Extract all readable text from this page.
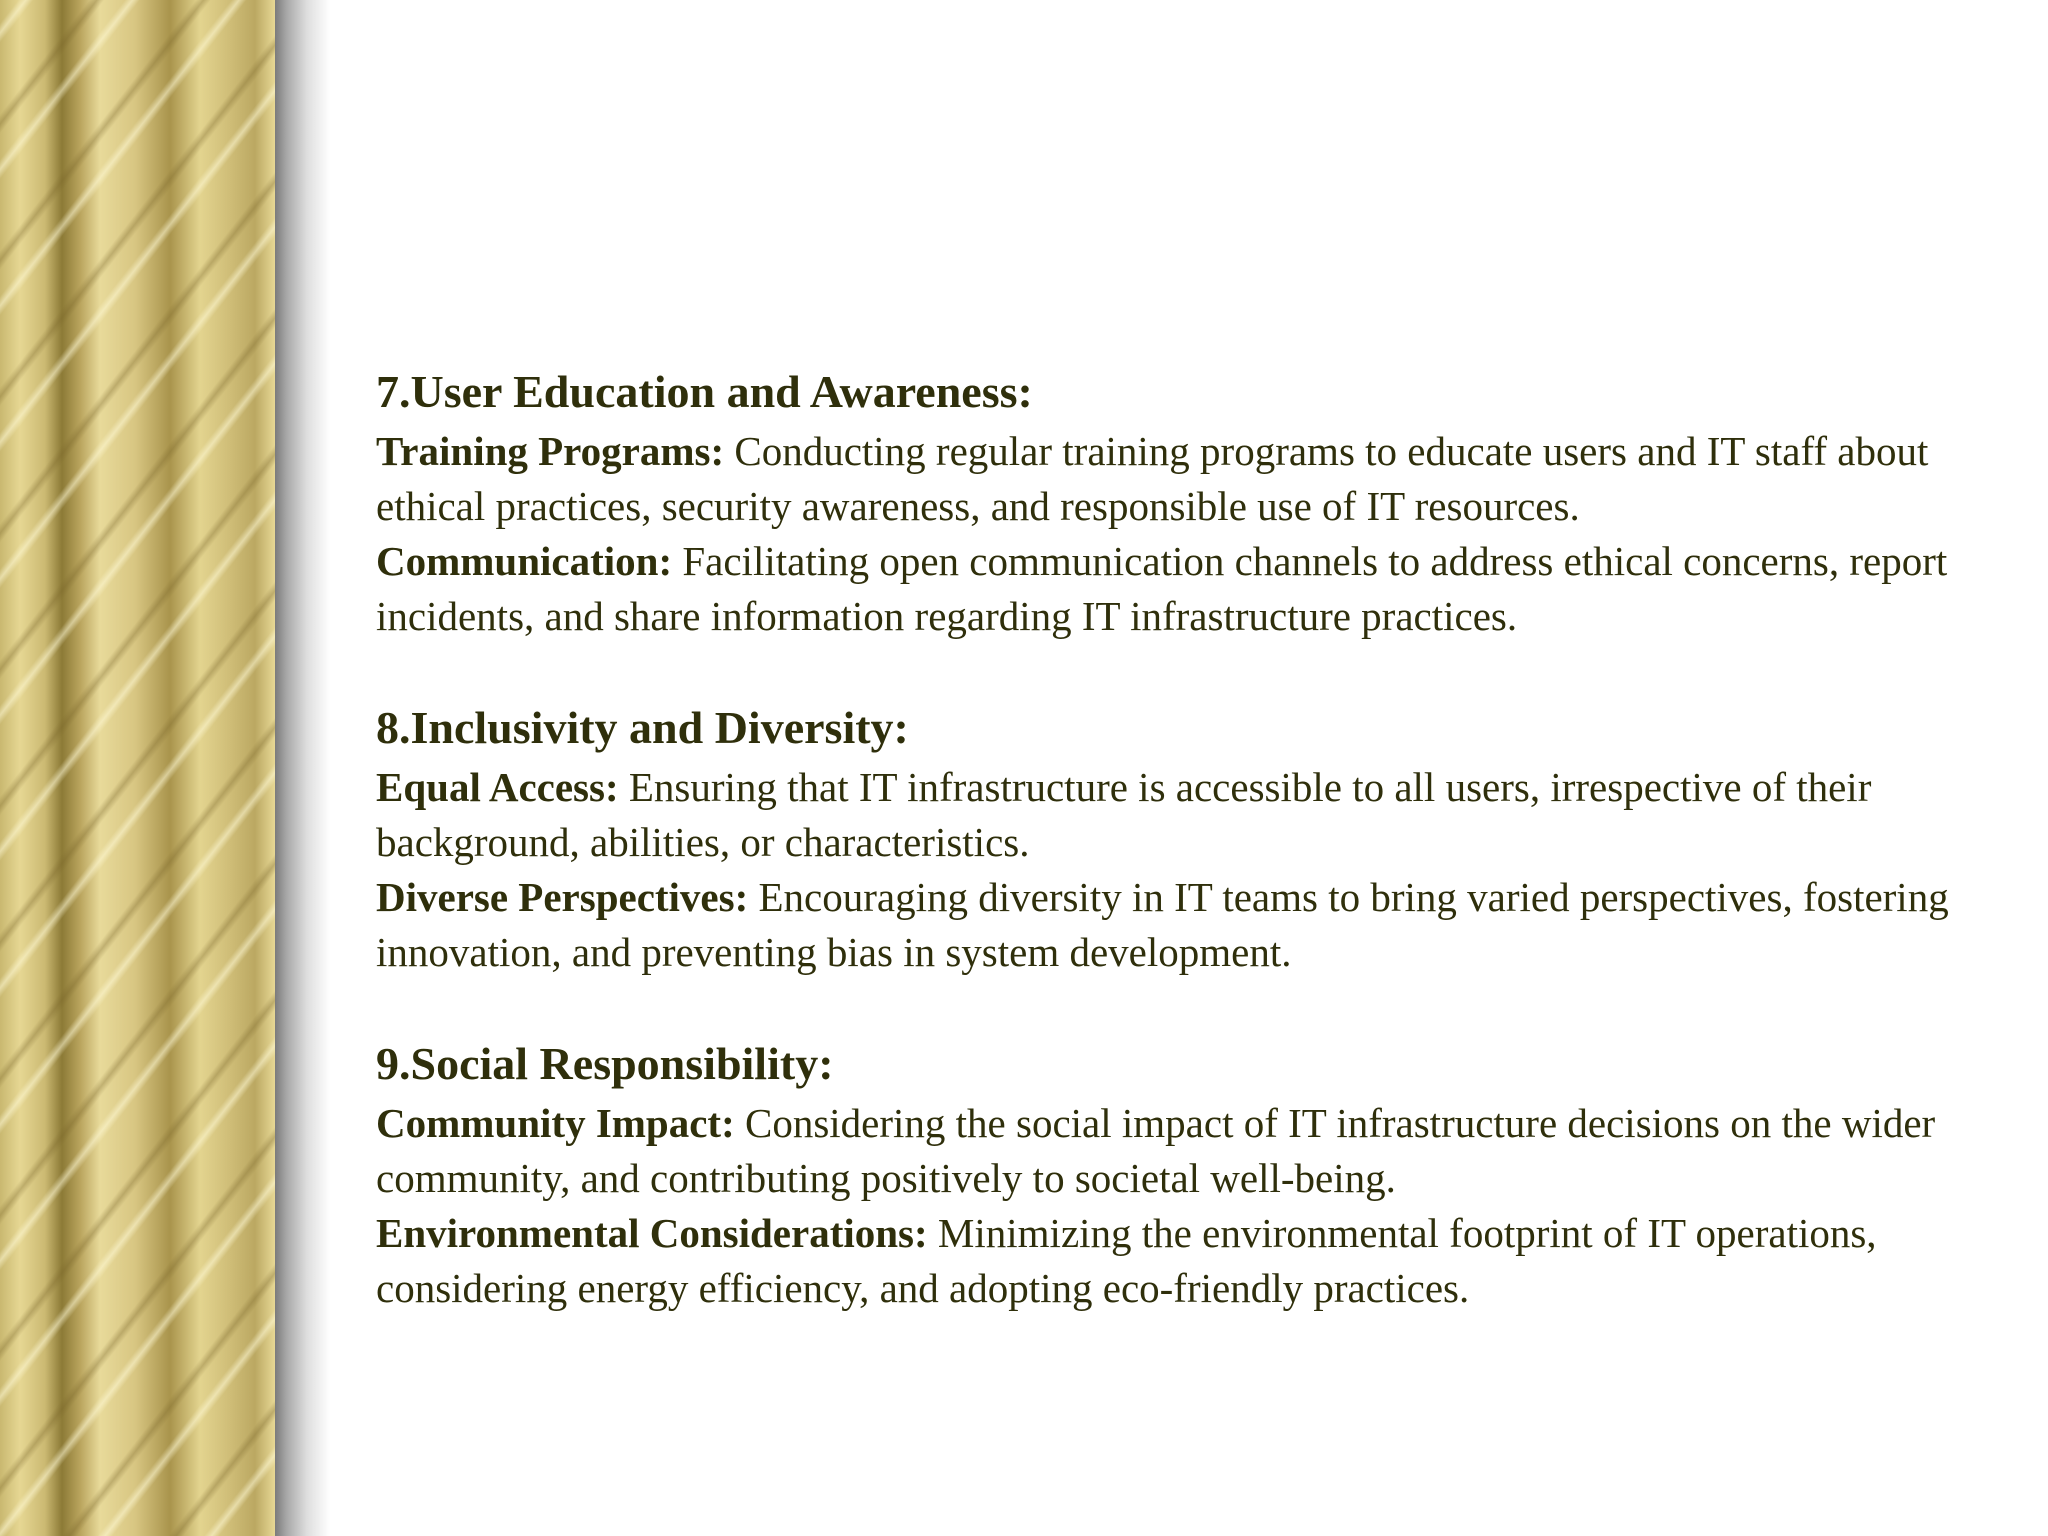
7.User Education and Awareness:

Training Programs: Conducting regular training programs to educate users and IT staff about ethical practices, security awareness, and responsible use of IT resources.

Communication: Facilitating open communication channels to address ethical concerns, report incidents, and share information regarding IT infrastructure practices.

8.Inclusivity and Diversity:

Equal Access: Ensuring that IT infrastructure is accessible to all users, irrespective of their background, abilities, or characteristics.

Diverse Perspectives: Encouraging diversity in IT teams to bring varied perspectives, fostering innovation, and preventing bias in system development.

9.Social Responsibility:

Community Impact: Considering the social impact of IT infrastructure decisions on the wider community, and contributing positively to societal well-being.

Environmental Considerations: Minimizing the environmental footprint of IT operations, considering energy efficiency, and adopting eco-friendly practices.
